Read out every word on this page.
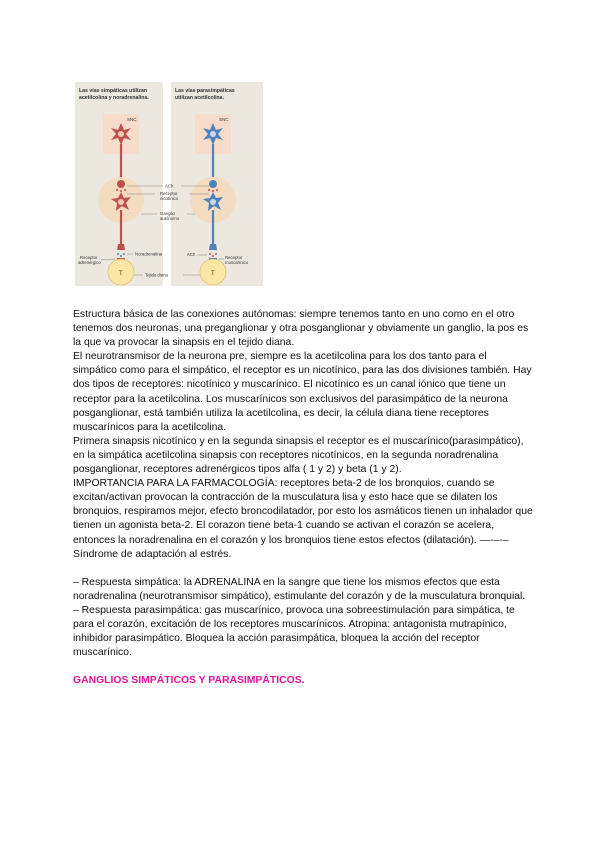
Las vías simpáticas utilizan
acetilcolina y noradrenalina.
Las vías parasimpáticas
utilizan acetilcolina.
SNC	SNC
ACh
Receptor
nicotínico
Ganglio
autónomo
T	T
Noradrenalina
Receptor
adrenérgico
ACh
Receptor
muscarínico
Tejido diana

Estructura básica de las conexiones autónomas: siempre tenemos tanto en uno como en el otro tenemos dos neuronas, una preganglionar y otra posganglionar y obviamente un ganglio, la pos es la que va provocar la sinapsis en el tejido diana.

El neurotransmisor de la neurona pre, siempre es la acetilcolina para los dos tanto para el simpático como para el simpático, el receptor es un nicotínico, para las dos divisiones también. Hay dos tipos de receptores: nicotínico y muscarínico. El nicotínico es un canal iónico que tiene un receptor para la acetilcolina. Los muscarínicos son exclusivos del parasimpático de la neurona posganglionar, está también utiliza la acetilcolina, es decir, la célula diana tiene receptores muscarínicos para la acetilcolina.

Primera sinapsis nicotínico y en la segunda sinapsis el receptor es el muscarínico(parasimpático), en la simpática acetilcolina sinapsis con receptores nicotínicos, en la segunda noradrenalina posganglionar, receptores adrenérgicos tipos alfa ( 1 y 2) y beta (1 y 2).

IMPORTANCIA PARA LA FARMACOLOGÍA: receptores beta-2 de los bronquios, cuando se excitan/activan provocan la contracción de la musculatura lisa y esto hace que se dilaten los bronquios, respiramos mejor, efecto broncodilatador, por esto los asmáticos tienen un inhalador que tienen un agonista beta-2. El corazon tiene beta-1 cuando se activan el corazón se acelera, entonces la noradrenalina en el corazón y los bronquios tiene estos efectos (dilatación). —-–-–Síndrome de adaptación al estrés.

– Respuesta simpática: la ADRENALINA en la sangre que tiene los mismos efectos que esta noradrenalina (neurotransmisor simpático), estimulante del corazón y de la musculatura bronquial.

– Respuesta parasimpática: gas muscarínico, provoca una sobreestimulación para simpática, te para el corazón, excitación de los receptores muscarínicos. Atropina: antagonista mutrapínico, inhibidor parasimpático. Bloquea la acción parasimpática, bloquea la acción del receptor muscarínico.

GANGLIOS SIMPÁTICOS Y PARASIMPÁTICOS.
